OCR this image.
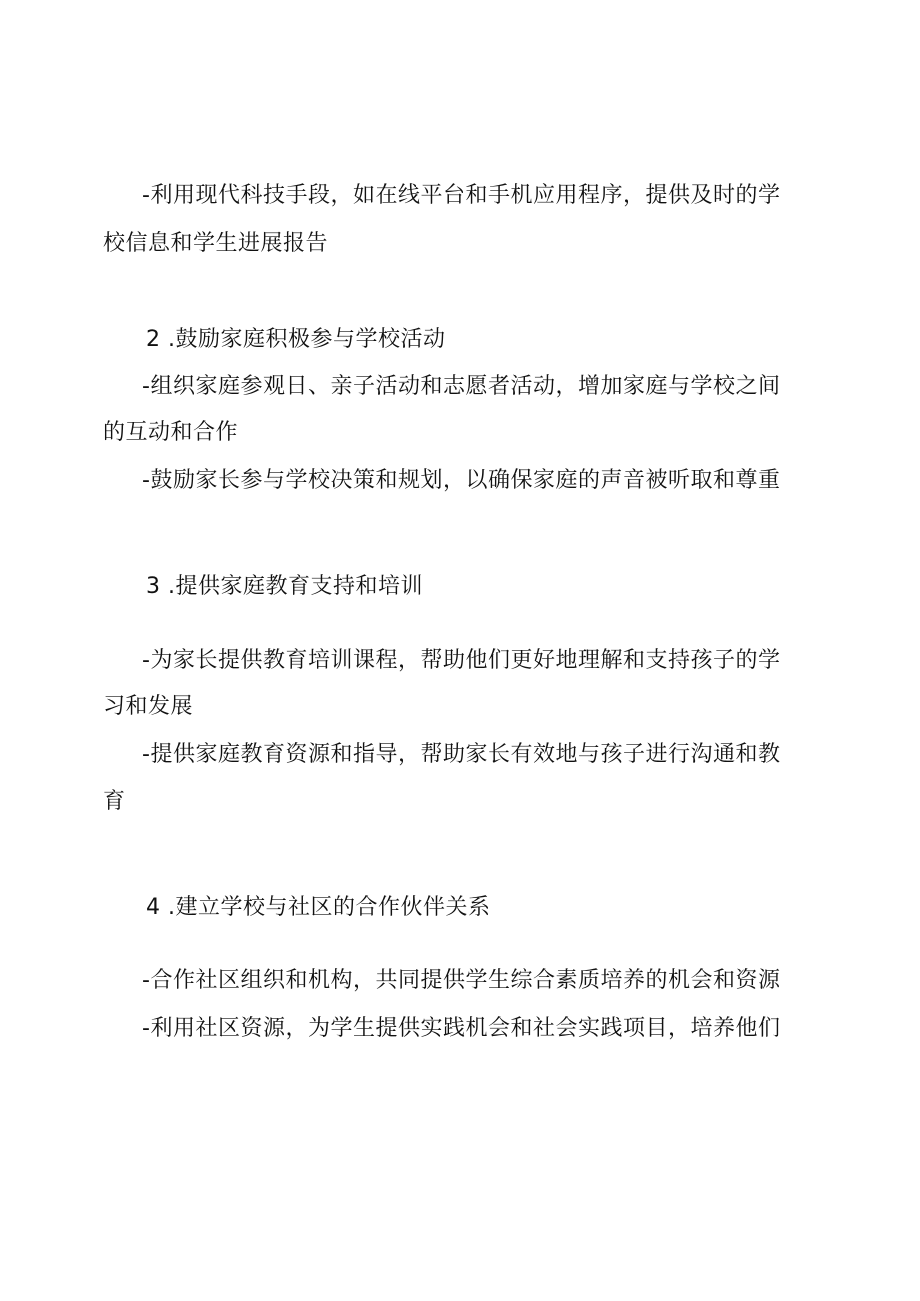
-利用现代科技手段，如在线平台和手机应用程序，提供及时的学
校信息和学生进展报告
2 .鼓励家庭积极参与学校活动
-组织家庭参观日、亲子活动和志愿者活动，增加家庭与学校之间
的互动和合作
-鼓励家长参与学校决策和规划，以确保家庭的声音被听取和尊重
3 .提供家庭教育支持和培训
-为家长提供教育培训课程，帮助他们更好地理解和支持孩子的学
习和发展
-提供家庭教育资源和指导，帮助家长有效地与孩子进行沟通和教
育
4 .建立学校与社区的合作伙伴关系
-合作社区组织和机构，共同提供学生综合素质培养的机会和资源
-利用社区资源，为学生提供实践机会和社会实践项目，培养他们
